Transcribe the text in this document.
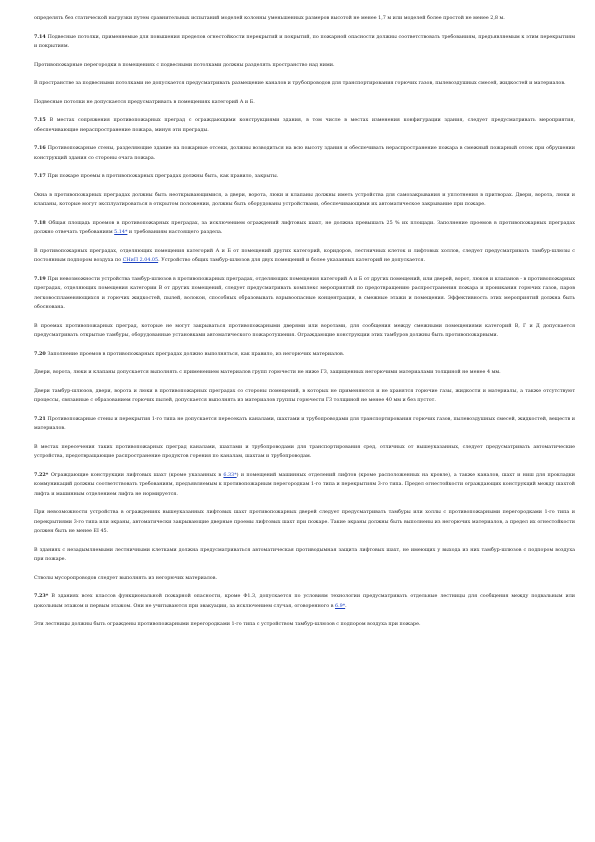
определять без статической нагрузки путем сравнительных испытаний моделей колонны уменьшенных размеров высотой не менее 1,7 м или моделей более простой не менее 2,8 м.

7.14 Подвесные потолки, применяемые для повышения пределов огнестойкости перекрытий и покрытий, по пожарной опасности должны соответствовать требованиям, предъявляемым к этим перекрытиям и покрытиям.

Противопожарные перегородки в помещениях с подвесными потолками должны разделять пространство над ними.

В пространстве за подвесными потолками не допускается предусматривать размещение каналов и трубопроводов для транспортирования горючих газов, пылевоздушных смесей, жидкостей и материалов.

Подвесные потолки не допускается предусматривать в помещениях категорий А и Б.

7.15 В местах сопряжения противопожарных преград с ограждающими конструкциями здания, в том числе в местах изменения конфигурации здания, следует предусматривать мероприятия, обеспечивающие нераспространение пожара, минуя эти преграды.

7.16 Противопожарные стены, разделяющие здание на пожарные отсеки, должны возводиться на всю высоту здания и обеспечивать нераспространение пожара в смежный пожарный отсек при обрушении конструкций здания со стороны очага пожара.

7.17 При пожаре проемы в противопожарных преградах должны быть, как правило, закрыты.

Окна в противопожарных преградах должны быть неоткрывающимися, а двери, ворота, люки и клапаны должны иметь устройства для самозакрывания и уплотнения в притворах. Двери, ворота, люки и клапаны, которые могут эксплуатироваться в открытом положении, должны быть оборудованы устройствами, обеспечивающими их автоматическое закрывание при пожаре.

7.18 Общая площадь проемов в противопожарных преградах, за исключением ограждений лифтовых шахт, не должна превышать 25 % их площади. Заполнение проемов в противопожарных преградах должно отвечать требованиям 5.14* и требованиям настоящего раздела.

В противопожарных преградах, отделяющих помещения категорий А и Б от помещений других категорий, коридоров, лестничных клеток и лифтовых холлов, следует предусматривать тамбур-шлюзы с постоянным подпором воздуха по СНиП 2.04.05. Устройство общих тамбур-шлюзов для двух помещений и более указанных категорий не допускается.

7.19 При невозможности устройства тамбур-шлюзов в противопожарных преградах, отделяющих помещения категорий А и Б от других помещений, или дверей, ворот, люков и клапанов - в противопожарных преградах, отделяющих помещения категории В от других помещений, следует предусматривать комплекс мероприятий по предотвращению распространения пожара и проникания горючих газов, паров легковоспламеняющихся и горючих жидкостей, пылей, волокон, способных образовывать взрывоопасные концентрации, в смежные этажи и помещения. Эффективность этих мероприятий должна быть обоснована.

В проемах противопожарных преград, которые не могут закрываться противопожарными дверями или воротами, для сообщения между смежными помещениями категорий В, Г и Д допускается предусматривать открытые тамбуры, оборудованные установками автоматического пожаротушения. Ограждающие конструкции этих тамбуров должны быть противопожарными.

7.20 Заполнение проемов в противопожарных преградах должно выполняться, как правило, из негорючих материалов.

Двери, ворота, люки и клапаны допускается выполнять с применением материалов групп горючести не ниже Г3, защищенных негорючими материалами толщиной не менее 4 мм.

Двери тамбур-шлюзов, двери, ворота и люки в противопожарных преградах со стороны помещений, в которых не применяются и не хранятся горючие газы, жидкости и материалы, а также отсутствуют процессы, связанные с образованием горючих пылей, допускается выполнять из материалов группы горючести Г3 толщиной не менее 40 мм и без пустот.

7.21 Противопожарные стены и перекрытия 1-го типа не допускается пересекать каналами, шахтами и трубопроводами для транспортирования горючих газов, пылевоздушных смесей, жидкостей, веществ и материалов.

В местах пересечения таких противопожарных преград каналами, шахтами и трубопроводами для транспортирования сред, отличных от вышеуказанных, следует предусматривать автоматические устройства, предотвращающие распространение продуктов горения по каналам, шахтам и трубопроводам.

7.22* Ограждающие конструкции лифтовых шахт (кроме указанных в 6.33*) и помещений машинных отделений лифтов (кроме расположенных на кровле), а также каналов, шахт и ниш для прокладки коммуникаций должны соответствовать требованиям, предъявляемым к противопожарным перегородкам 1-го типа и перекрытиям 3-го типа. Предел огнестойкости ограждающих конструкций между шахтой лифта и машинным отделением лифта не нормируется.

При невозможности устройства в ограждениях вышеуказанных лифтовых шахт противопожарных дверей следует предусматривать тамбуры или холлы с противопожарными перегородками 1-го типа и перекрытиями 3-го типа или экраны, автоматически закрывающие дверные проемы лифтовых шахт при пожаре. Такие экраны должны быть выполнены из негорючих материалов, а предел их огнестойкости должен быть не менее EI 45.

В зданиях с незадымляемыми лестничными клетками должна предусматриваться автоматическая противодымная защита лифтовых шахт, не имеющих у выхода из них тамбур-шлюзов с подпором воздуха при пожаре.

Стволы мусоропроводов следует выполнять из негорючих материалов.

7.23* В зданиях всех классов функциональной пожарной опасности, кроме Ф1.3, допускается по условиям технологии предусматривать отдельные лестницы для сообщения между подвальным или цокольным этажом и первым этажом. Они не учитываются при эвакуации, за исключением случая, оговоренного в 6.9*.

Эти лестницы должны быть ограждены противопожарными перегородками 1-го типа с устройством тамбур-шлюзов с подпором воздуха при пожаре.
